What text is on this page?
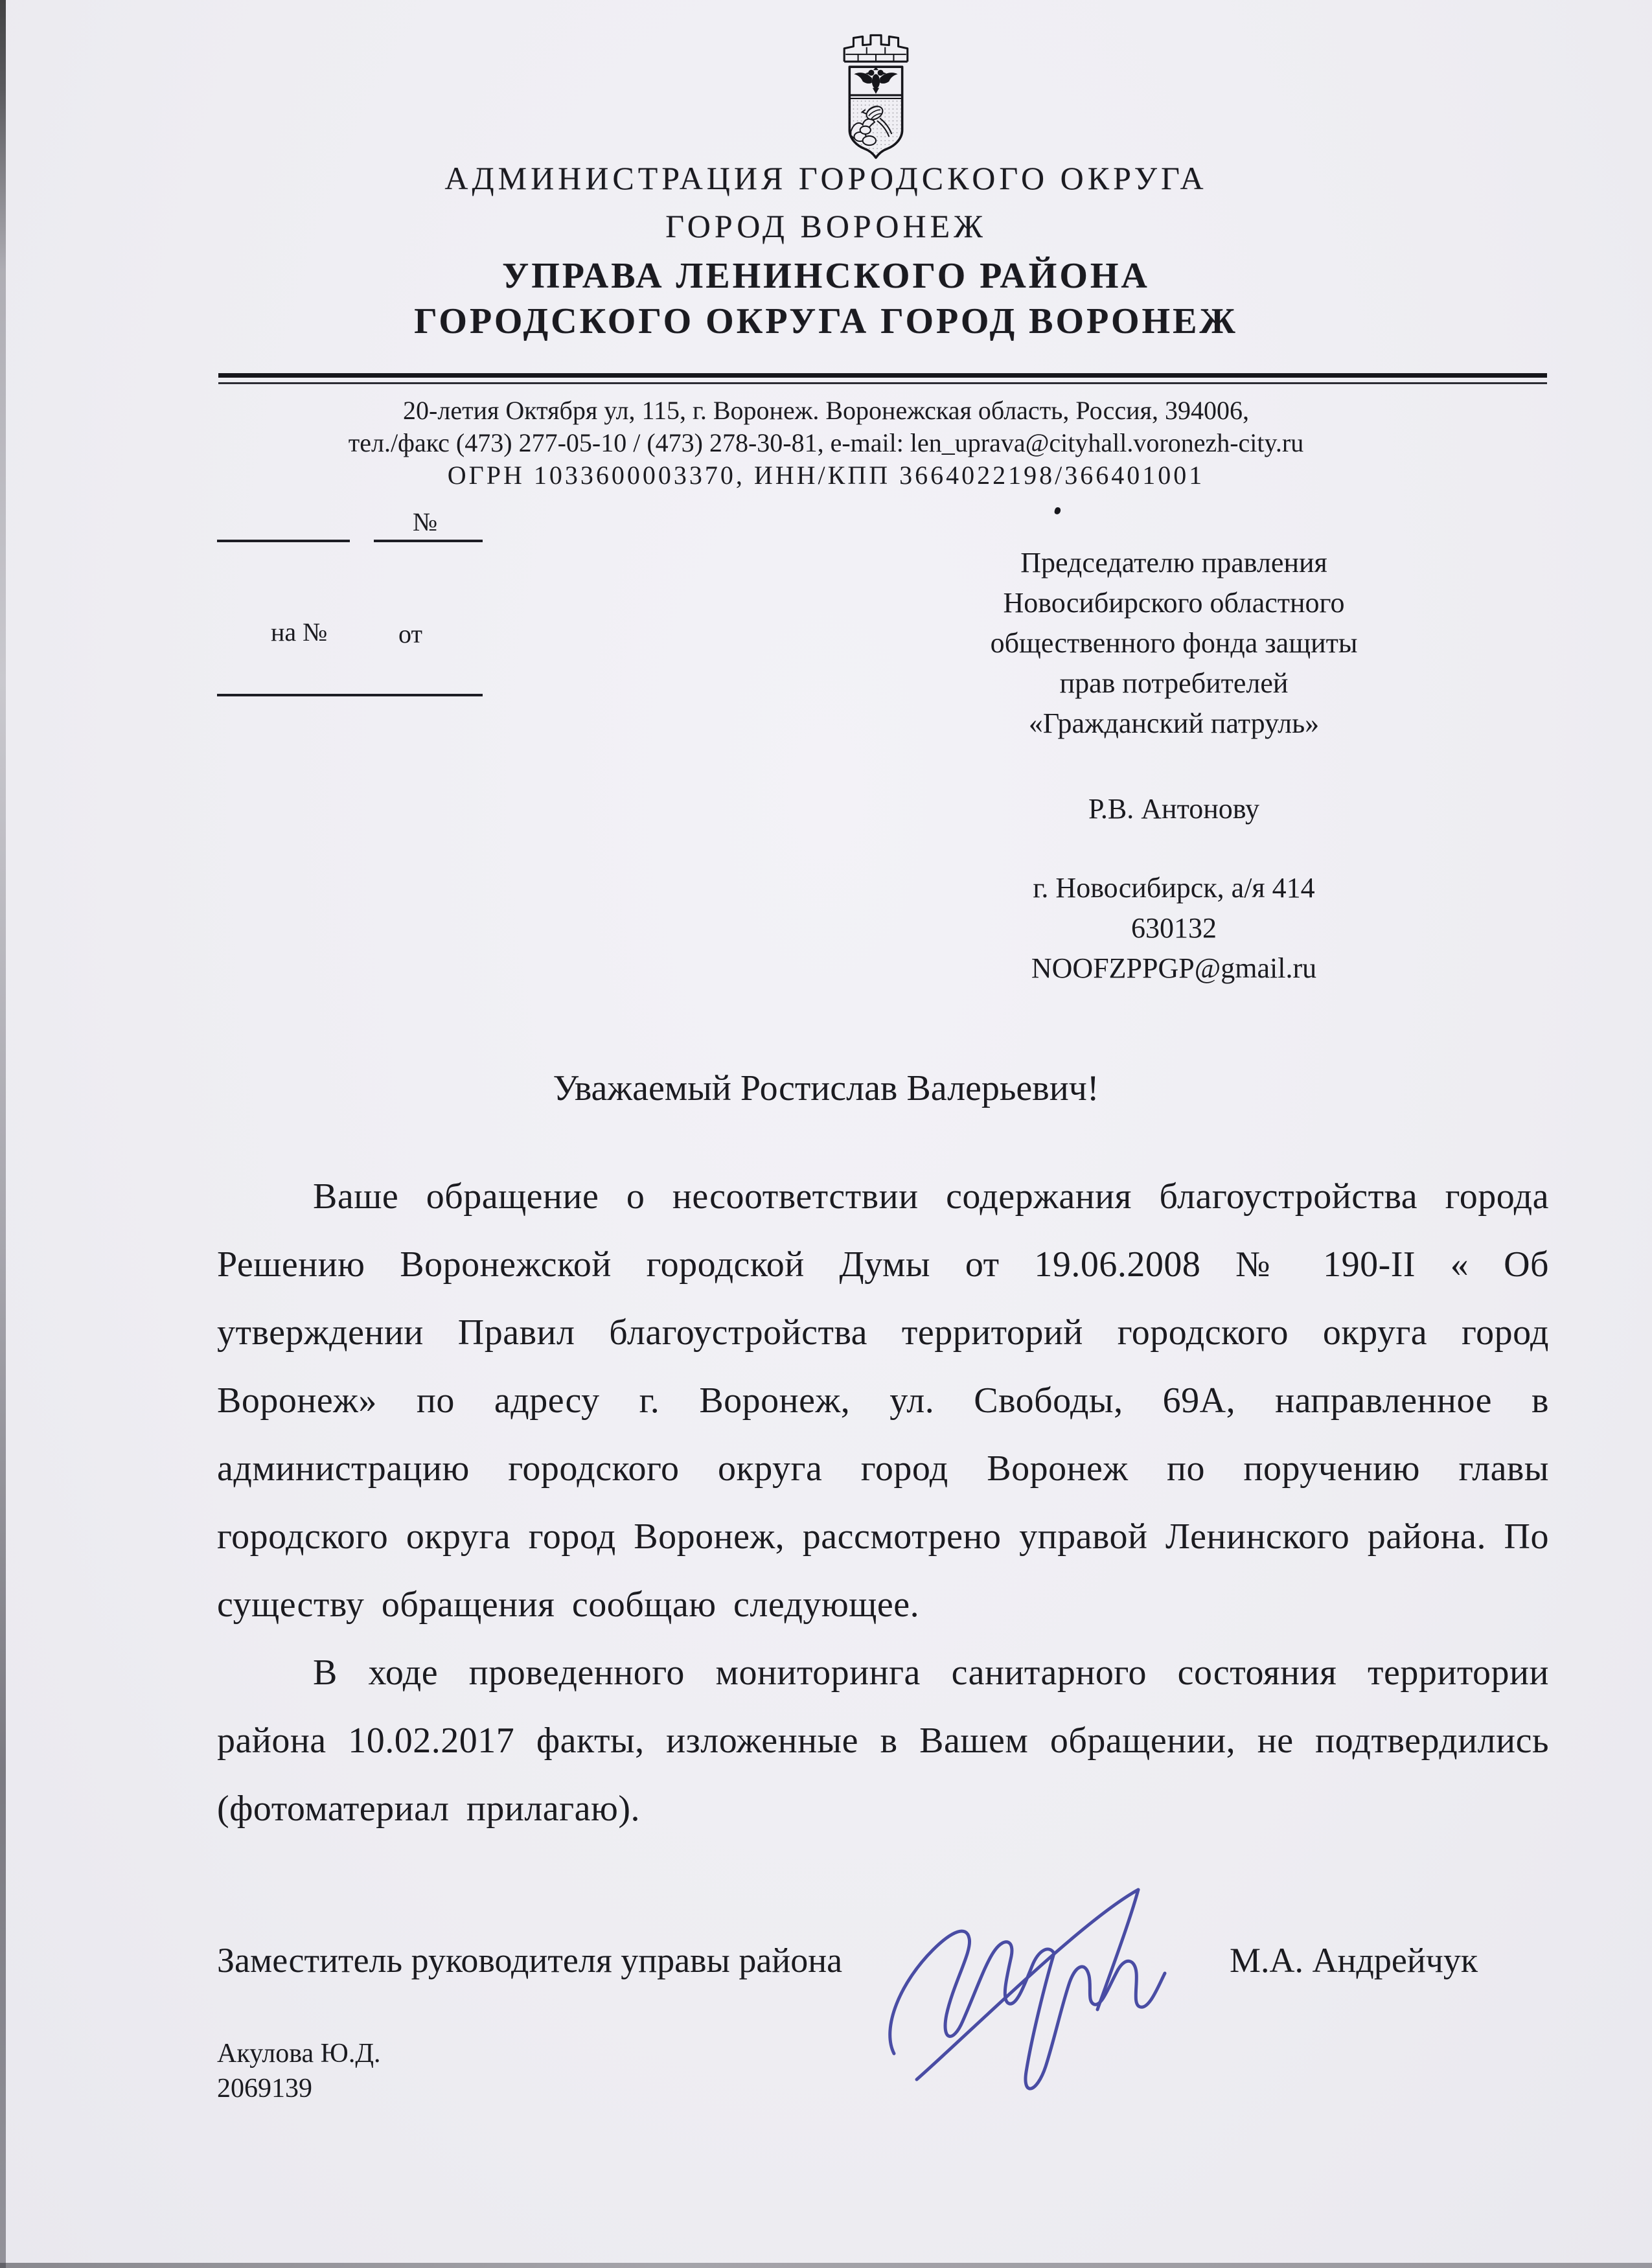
АДМИНИСТРАЦИЯ ГОРОДСКОГО ОКРУГА
ГОРОД ВОРОНЕЖ
УПРАВА ЛЕНИНСКОГО РАЙОНА
ГОРОДСКОГО ОКРУГА ГОРОД ВОРОНЕЖ
20-летия Октября ул, 115, г. Воронеж. Воронежская область, Россия, 394006,
тел./факс (473) 277-05-10 / (473) 278-30-81, e-mail: len_uprava@cityhall.voronezh-city.ru
ОГРН 1033600003370, ИНН/КПП 3664022198/366401001
№
на №	от
Председателю правления
Новосибирского областного
общественного фонда защиты
прав потребителей
«Гражданский патруль»
Р.В. Антонову
г. Новосибирск, а/я 414
630132
NOOFZPPGP@gmail.ru
Уважаемый Ростислав Валерьевич!

Ваше обращение о несоответствии содержания благоустройства города Решению Воронежской городской Думы от 19.06.2008 № 190-II « Об утверждении Правил благоустройства территорий городского округа город Воронеж» по адресу г. Воронеж, ул. Свободы, 69А, направленное в администрацию городского округа город Воронеж по поручению главы городского округа город Воронеж, рассмотрено управой Ленинского района. По существу обращения сообщаю следующее.

В ходе проведенного мониторинга санитарного состояния территории района 10.02.2017 факты, изложенные в Вашем обращении, не подтвердились (фотоматериал прилагаю).

Заместитель руководителя управы района	М.А. Андрейчук
Акулова Ю.Д.
2069139
